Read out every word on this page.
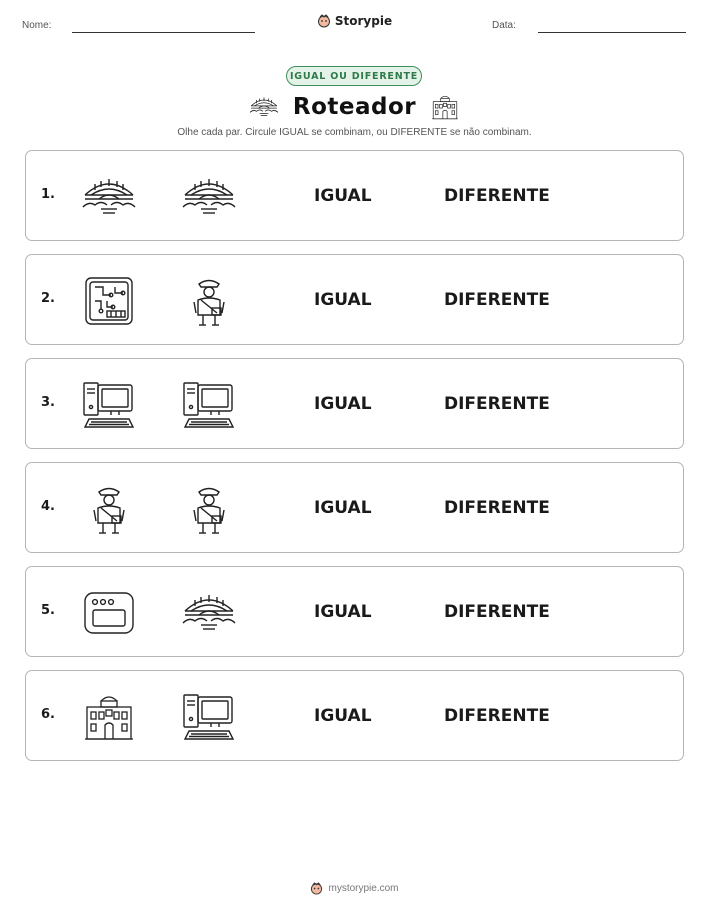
Nome:	Storypie	Data:
IGUAL OU DIFERENTE
Roteador
Olhe cada par. Circule IGUAL se combinam, ou DIFERENTE se não combinam.
1.	IGUAL	DIFERENTE
2.	IGUAL	DIFERENTE
3.	IGUAL	DIFERENTE
4.	IGUAL	DIFERENTE
5.	IGUAL	DIFERENTE
6.	IGUAL	DIFERENTE
mystorypie.com
